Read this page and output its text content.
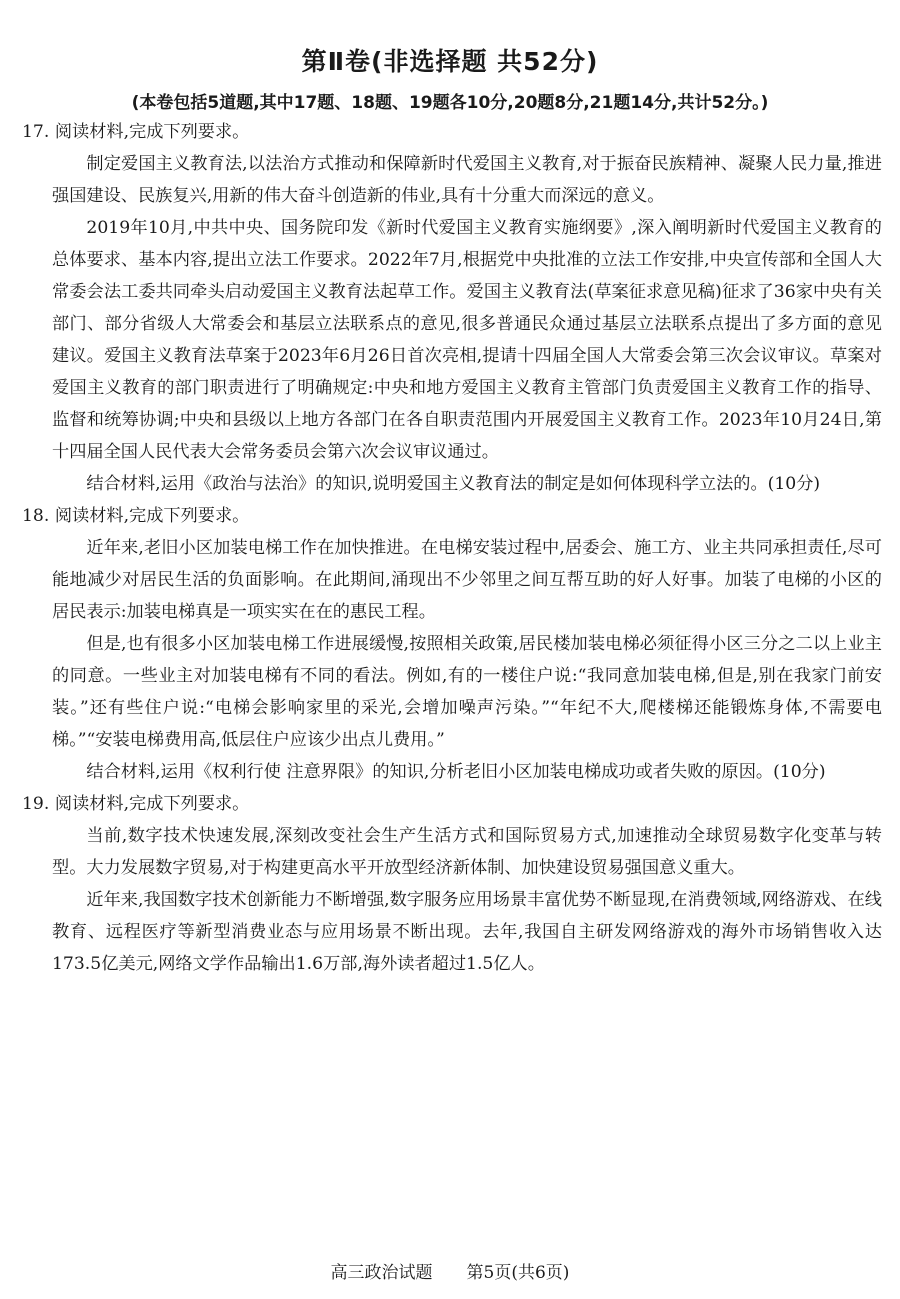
第Ⅱ卷(非选择题 共52分)
(本卷包括5道题,其中17题、18题、19题各10分,20题8分,21题14分,共计52分。)

17. 阅读材料,完成下列要求。

制定爱国主义教育法,以法治方式推动和保障新时代爱国主义教育,对于振奋民族精神、凝聚人民力量,推进强国建设、民族复兴,用新的伟大奋斗创造新的伟业,具有十分重大而深远的意义。

2019年10月,中共中央、国务院印发《新时代爱国主义教育实施纲要》,深入阐明新时代爱国主义教育的总体要求、基本内容,提出立法工作要求。2022年7月,根据党中央批准的立法工作安排,中央宣传部和全国人大常委会法工委共同牵头启动爱国主义教育法起草工作。爱国主义教育法(草案征求意见稿)征求了36家中央有关部门、部分省级人大常委会和基层立法联系点的意见,很多普通民众通过基层立法联系点提出了多方面的意见建议。爱国主义教育法草案于2023年6月26日首次亮相,提请十四届全国人大常委会第三次会议审议。草案对爱国主义教育的部门职责进行了明确规定:中央和地方爱国主义教育主管部门负责爱国主义教育工作的指导、监督和统筹协调;中央和县级以上地方各部门在各自职责范围内开展爱国主义教育工作。2023年10月24日,第十四届全国人民代表大会常务委员会第六次会议审议通过。

结合材料,运用《政治与法治》的知识,说明爱国主义教育法的制定是如何体现科学立法的。(10分)

18. 阅读材料,完成下列要求。

近年来,老旧小区加装电梯工作在加快推进。在电梯安装过程中,居委会、施工方、业主共同承担责任,尽可能地减少对居民生活的负面影响。在此期间,涌现出不少邻里之间互帮互助的好人好事。加装了电梯的小区的居民表示:加装电梯真是一项实实在在的惠民工程。

但是,也有很多小区加装电梯工作进展缓慢,按照相关政策,居民楼加装电梯必须征得小区三分之二以上业主的同意。一些业主对加装电梯有不同的看法。例如,有的一楼住户说:“我同意加装电梯,但是,别在我家门前安装。”还有些住户说:“电梯会影响家里的采光,会增加噪声污染。”“年纪不大,爬楼梯还能锻炼身体,不需要电梯。”“安装电梯费用高,低层住户应该少出点儿费用。”

结合材料,运用《权利行使 注意界限》的知识,分析老旧小区加装电梯成功或者失败的原因。(10分)

19. 阅读材料,完成下列要求。

当前,数字技术快速发展,深刻改变社会生产生活方式和国际贸易方式,加速推动全球贸易数字化变革与转型。大力发展数字贸易,对于构建更高水平开放型经济新体制、加快建设贸易强国意义重大。

近年来,我国数字技术创新能力不断增强,数字服务应用场景丰富优势不断显现,在消费领域,网络游戏、在线教育、远程医疗等新型消费业态与应用场景不断出现。去年,我国自主研发网络游戏的海外市场销售收入达173.5亿美元,网络文学作品输出1.6万部,海外读者超过1.5亿人。

高三政治试题 第5页(共6页)
